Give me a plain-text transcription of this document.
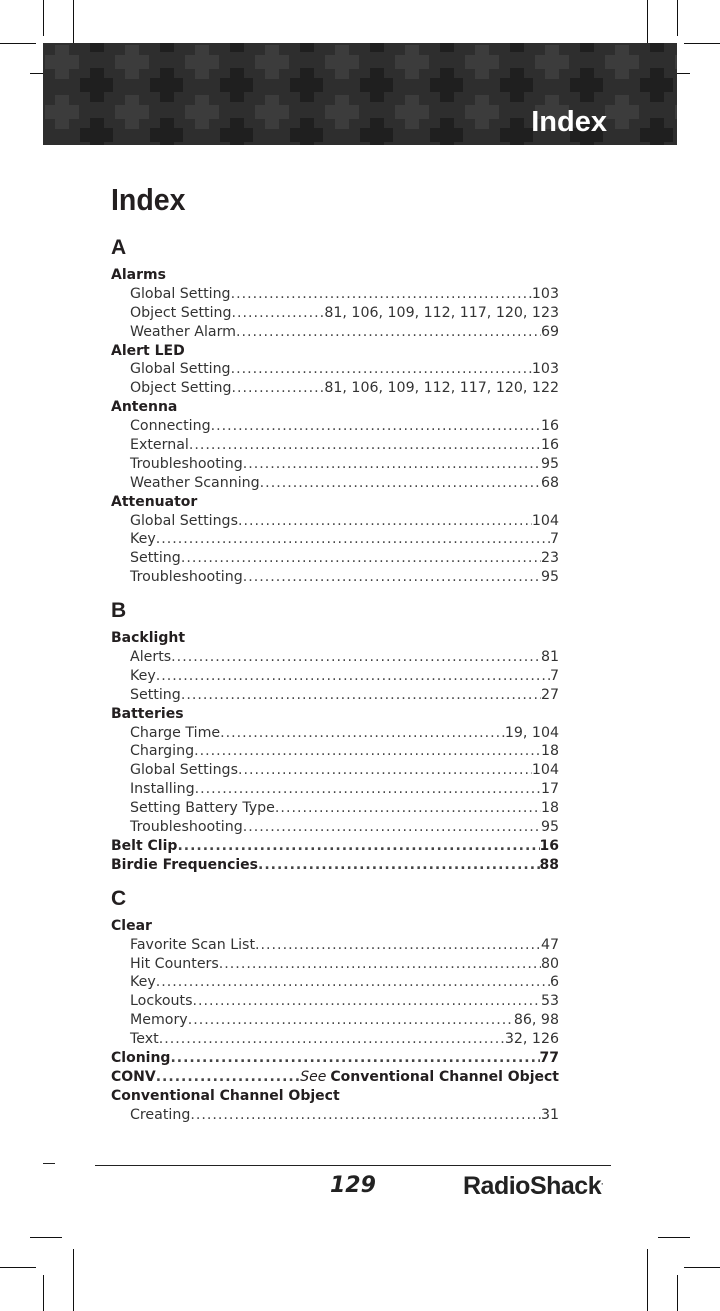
Index
Index
A
Alarms
Global Setting .....	103
Object Setting .....	81, 106, 109, 112, 117, 120, 123
Weather Alarm .....	69
Alert LED
Global Setting .....	103
Object Setting .....	81, 106, 109, 112, 117, 120, 122
Antenna
Connecting .....	16
External .....	16
Troubleshooting .....	95
Weather Scanning .....	68
Attenuator
Global Settings .....	104
Key .....	7
Setting .....	23
Troubleshooting .....	95
B
Backlight
Alerts .....	81
Key .....	7
Setting .....	27
Batteries
Charge Time .....	19, 104
Charging .....	18
Global Settings .....	104
Installing .....	17
Setting Battery Type .....	18
Troubleshooting .....	95
Belt Clip .....	16
Birdie Frequencies .....	88
C
Clear
Favorite Scan List .....	47
Hit Counters .....	80
Key .....	6
Lockouts .....	53
Memory .....	86, 98
Text .....	32, 126
Cloning .....	77
CONV .....	See Conventional Channel Object
Conventional Channel Object
Creating .....	31
129	RadioShack.
